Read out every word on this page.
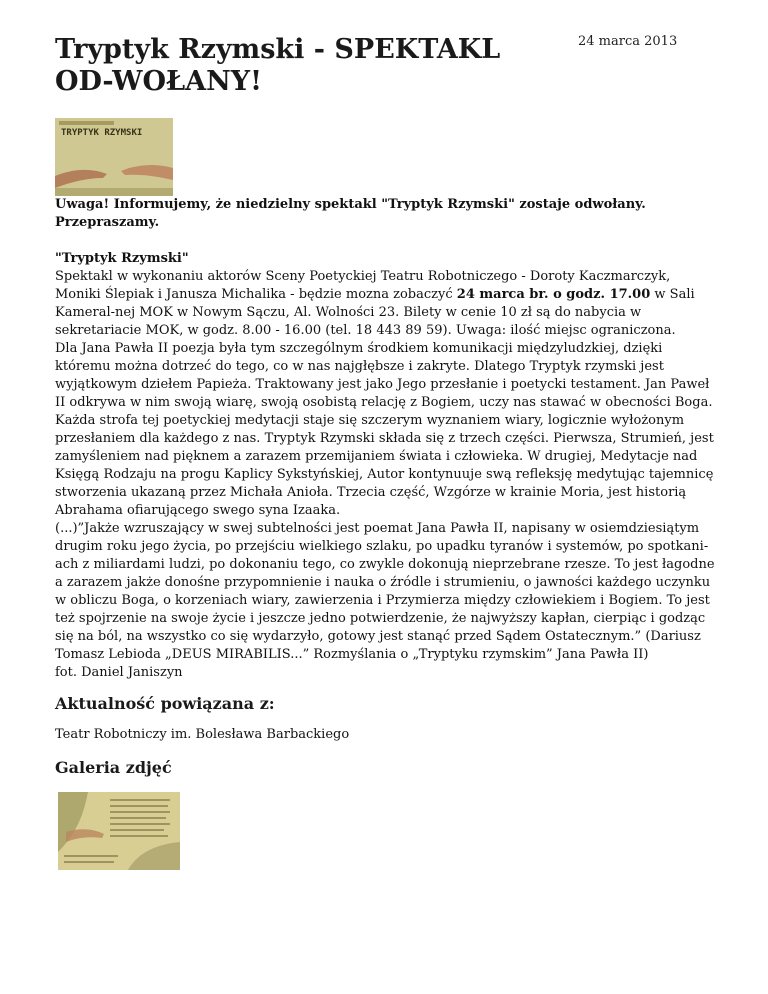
Tryptyk Rzymski - SPEKTAKL OD-WOŁANY!
24 marca 2013
TRYPTYK RZYMSKI

Uwaga! Informujemy, że niedzielny spektakl "Tryptyk Rzymski" zostaje odwołany. Przepraszamy.

"Tryptyk Rzymski"
Spektakl w wykonaniu aktorów Sceny Poetyckiej Teatru Robotniczego - Doroty Kaczmarczyk, Moniki Ślepiak i Janusza Michalika - będzie mozna zobaczyć 24 marca br. o godz. 17.00 w Sali Kameral-nej MOK w Nowym Sączu, Al. Wolności 23. Bilety w cenie 10 zł są do nabycia w sekretariacie MOK, w godz. 8.00 - 16.00 (tel. 18 443 89 59). Uwaga: ilość miejsc ograniczona.

Dla Jana Pawła II poezja była tym szczególnym środkiem komunikacji międzyludzkiej, dzięki któremu można dotrzeć do tego, co w nas najgłębsze i zakryte. Dlatego Tryptyk rzymski jest wyjątkowym dziełem Papieża. Traktowany jest jako Jego przesłanie i poetycki testament. Jan Paweł II odkrywa w nim swoją wiarę, swoją osobistą relację z Bogiem, uczy nas stawać w obecności Boga. Każda strofa tej poetyckiej medytacji staje się szczerym wyznaniem wiary, logicznie wyłożonym przesłaniem dla każdego z nas. Tryptyk Rzymski składa się z trzech części. Pierwsza, Strumień, jest zamyśleniem nad pięknem a zarazem przemijaniem świata i człowieka. W drugiej, Medytacje nad Księgą Rodzaju na progu Kaplicy Sykstyńskiej, Autor kontynuuje swą refleksję medytując tajemnicę stworzenia ukazaną przez Michała Anioła. Trzecia część, Wzgórze w krainie Moria, jest historią Abrahama ofiarującego swego syna Izaaka.

(...)”Jakże wzruszający w swej subtelności jest poemat Jana Pawła II, napisany w osiemdziesiątym drugim roku jego życia, po przejściu wielkiego szlaku, po upadku tyranów i systemów, po spotkani-ach z miliardami ludzi, po dokonaniu tego, co zwykle dokonują nieprzebrane rzesze. To jest łagodne a zarazem jakże donośne przypomnienie i nauka o źródle i strumieniu, o jawności każdego uczynku w obliczu Boga, o korzeniach wiary, zawierzenia i Przymierza między człowiekiem i Bogiem. To jest też spojrzenie na swoje życie i jeszcze jedno potwierdzenie, że najwyższy kapłan, cierpiąc i godząc się na ból, na wszystko co się wydarzyło, gotowy jest stanąć przed Sądem Ostatecznym.” (Dariusz Tomasz Lebioda „DEUS MIRABILIS...” Rozmyślania o „Tryptyku rzymskim” Jana Pawła II)

fot. Daniel Janiszyn

Aktualność powiązana z:
Teatr Robotniczy im. Bolesława Barbackiego
Galeria zdjęć
